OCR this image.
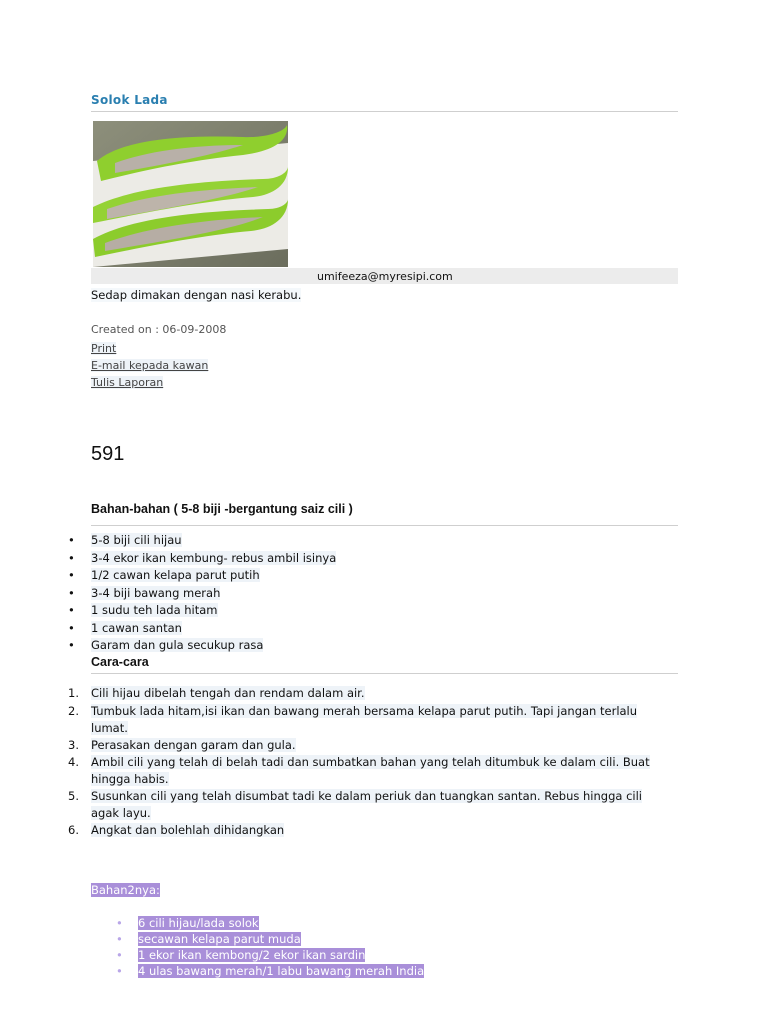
Solok Lada
umifeeza@myresipi.com
Sedap dimakan dengan nasi kerabu.
Created on : 06-09-2008
Print
E-mail kepada kawan
Tulis Laporan
591
Bahan-bahan ( 5-8 biji -bergantung saiz cili )
• 5-8 biji cili hijau
• 3-4 ekor ikan kembung- rebus ambil isinya
• 1/2 cawan kelapa parut putih
• 3-4 biji bawang merah
• 1 sudu teh lada hitam
• 1 cawan santan
• Garam dan gula secukup rasa
Cara-cara
1. Cili hijau dibelah tengah dan rendam dalam air.
2. Tumbuk lada hitam,isi ikan dan bawang merah bersama kelapa parut putih. Tapi jangan terlalu
lumat.
3. Perasakan dengan garam dan gula.
4. Ambil cili yang telah di belah tadi dan sumbatkan bahan yang telah ditumbuk ke dalam cili. Buat
hingga habis.
5. Susunkan cili yang telah disumbat tadi ke dalam periuk dan tuangkan santan. Rebus hingga cili
agak layu.
6. Angkat dan bolehlah dihidangkan
Bahan2nya:
• 6 cili hijau/lada solok
• secawan kelapa parut muda
• 1 ekor ikan kembong/2 ekor ikan sardin
• 4 ulas bawang merah/1 labu bawang merah India
